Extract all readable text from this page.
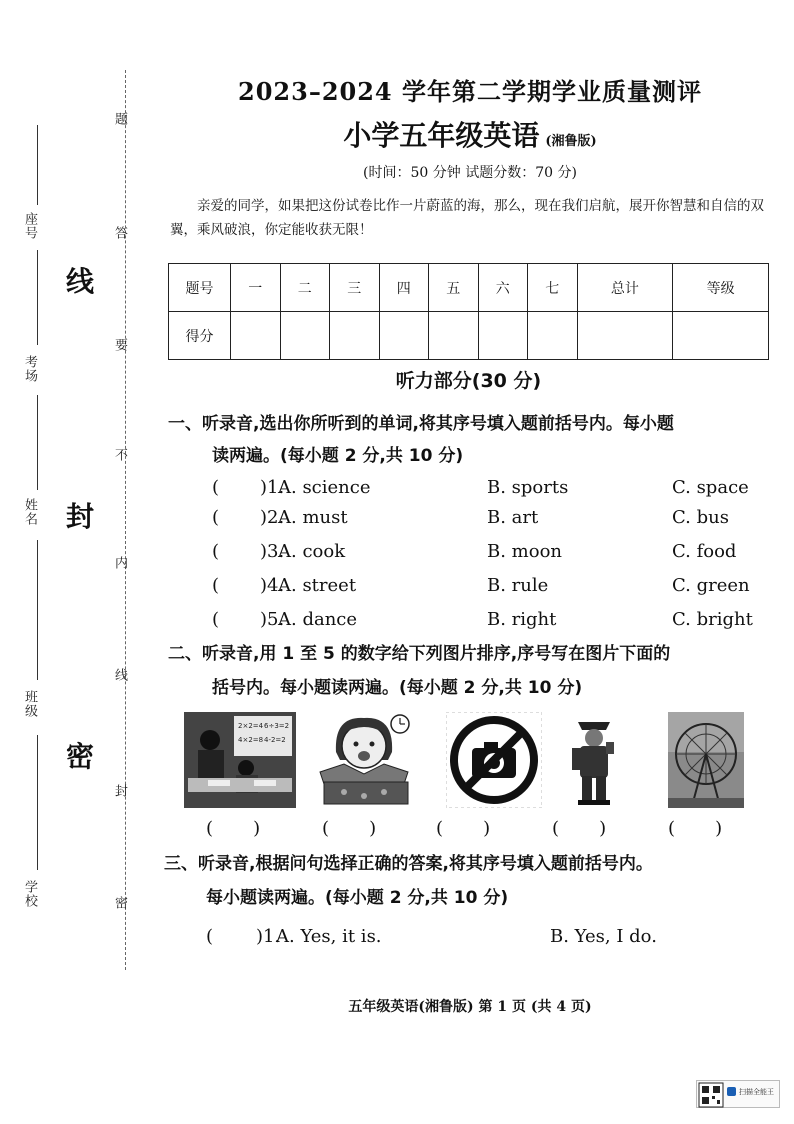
座号
考场
姓名
班级
学校
线
封
密
题
答
要
不
内
线
封
密
2023–2024 学年第二学期学业质量测评
小学五年级英语 (湘鲁版)
(时间：50 分钟 试题分数：70 分)
亲爱的同学，如果把这份试卷比作一片蔚蓝的海，那么，现在我们启航，展开你智慧和自信的双翼，乘风破浪，你定能收获无限！
题号	一	二	三	四	五	六	七	总计	等级
得分									
听力部分(30 分)
一、听录音,选出你所听到的单词,将其序号填入题前括号内。每小题
读两遍。(每小题 2 分,共 10 分)
( )1.
A. science	B. sports	C. space
( )2.
A. must	B. art	C. bus
( )3.
A. cook	B. moon	C. food
( )4.
A. street	B. rule	C. green
( )5.
A. dance	B. right	C. bright
二、听录音,用 1 至 5 的数字给下列图片排序,序号写在图片下面的
括号内。每小题读两遍。(每小题 2 分,共 10 分)
2×2=4 6÷3=2
4×2=8 4-2=2
(       )	(       )	(       )	(       )	(       )
三、听录音,根据问句选择正确的答案,将其序号填入题前括号内。
每小题读两遍。(每小题 2 分,共 10 分)
( )1.
A. Yes, it is.	B. Yes, I do.
五年级英语(湘鲁版) 第 1 页 (共 4 页)
扫描全能王
